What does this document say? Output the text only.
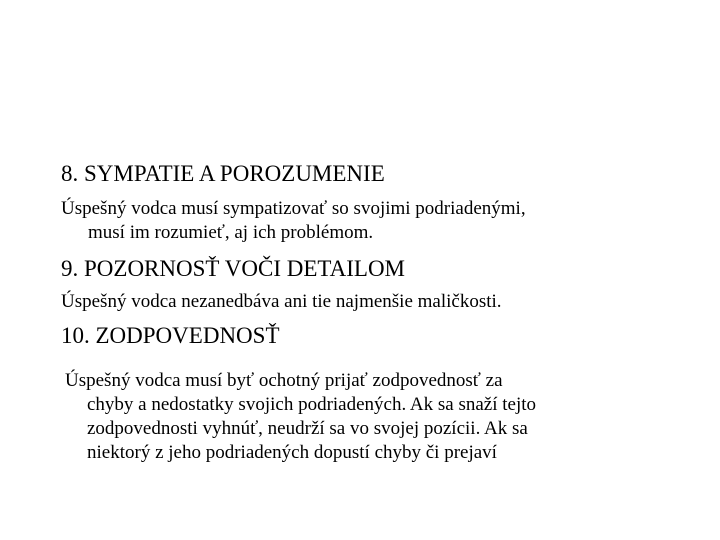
8. SYMPATIE A POROZUMENIE
Úspešný vodca musí sympatizovať so svojimi podriadenými,
musí im rozumieť, aj ich problémom.
9. POZORNOSŤ VOČI DETAILOM
Úspešný vodca nezanedbáva ani tie najmenšie maličkosti.
10. ZODPOVEDNOSŤ
Úspešný vodca musí byť ochotný prijať zodpovednosť za
chyby a nedostatky svojich podriadených. Ak sa snaží tejto
zodpovednosti vyhnúť, neudrží sa vo svojej pozícii. Ak sa
niektorý z jeho podriadených dopustí chyby či prejaví
